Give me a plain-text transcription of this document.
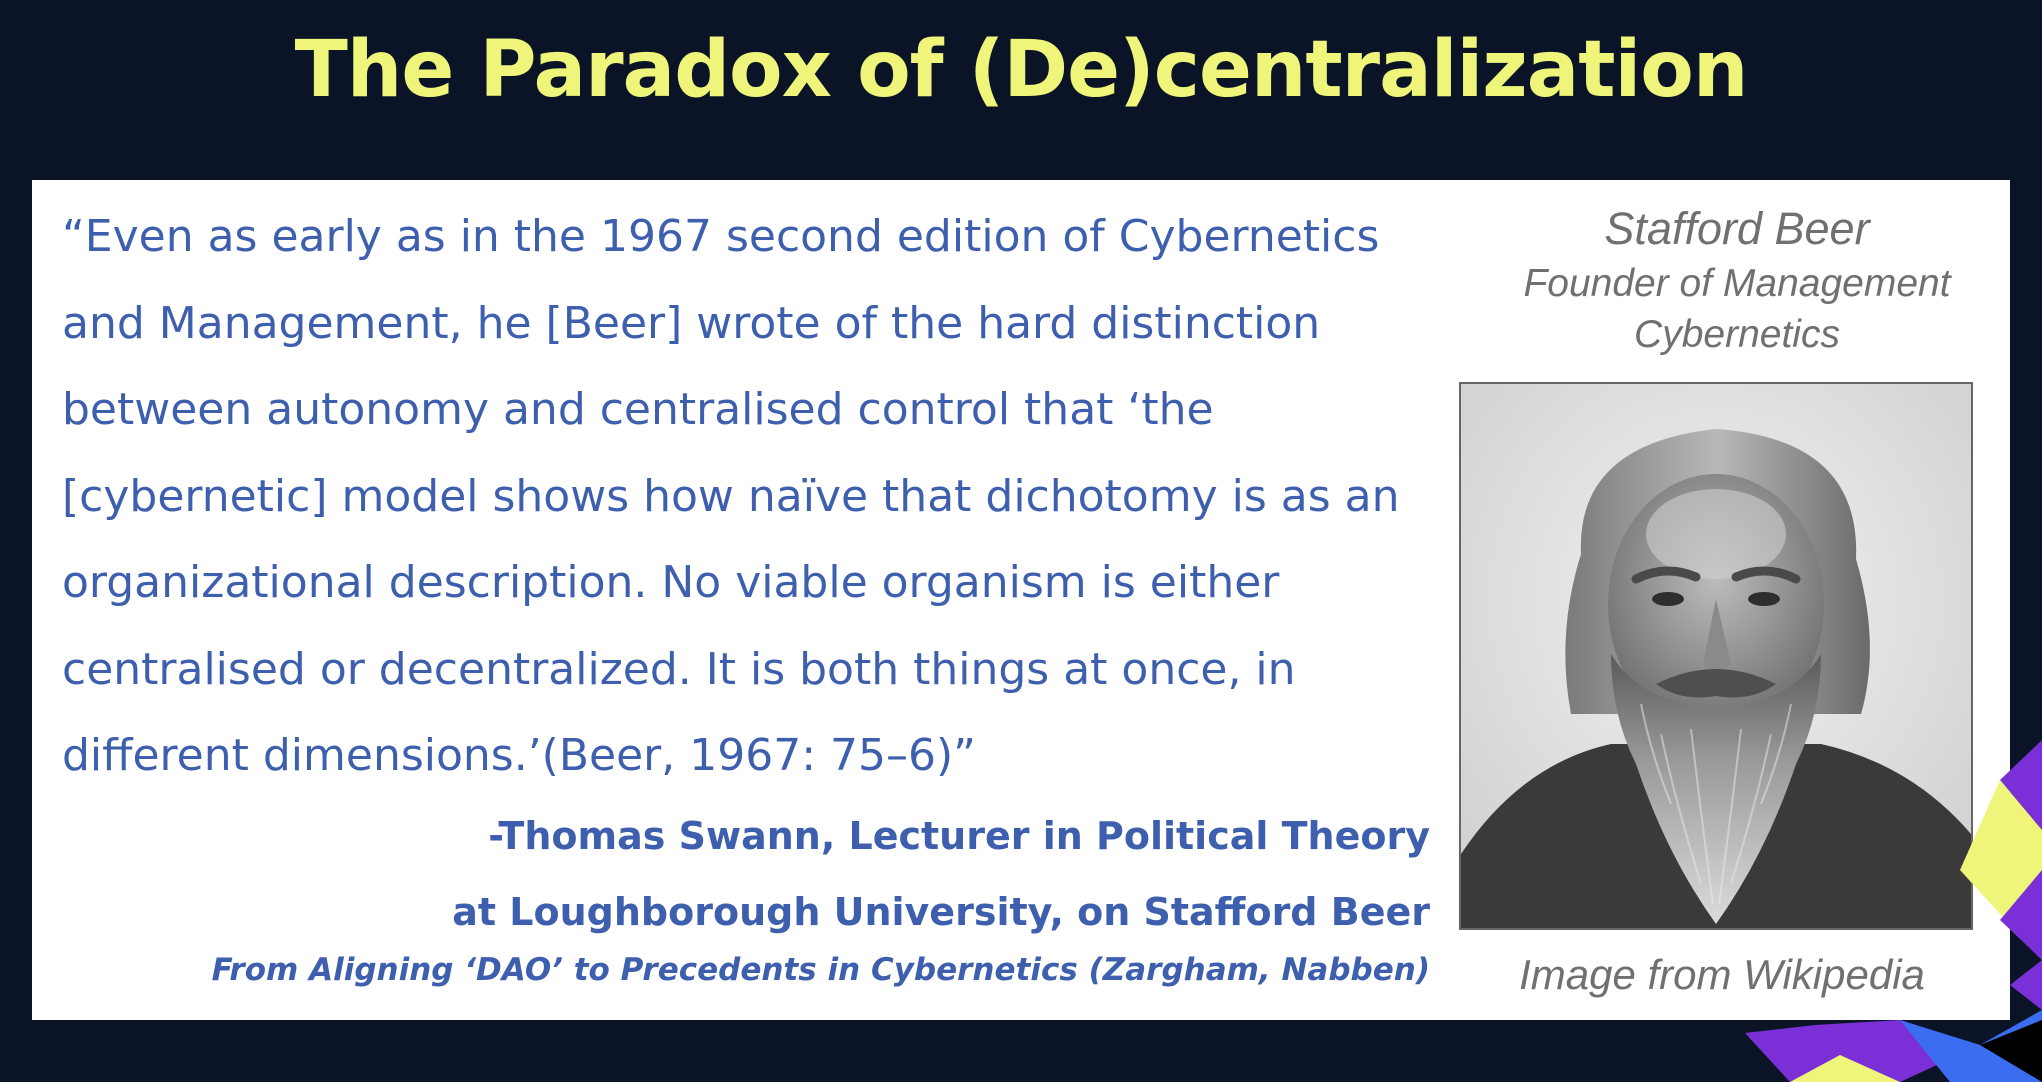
The Paradox of (De)centralization

“Even as early as in the 1967 second edition of Cybernetics and Management, he [Beer] wrote of the hard distinction between autonomy and centralised control that ‘the [cybernetic] model shows how naïve that dichotomy is as an organizational description. No viable organism is either centralised or decentralized. It is both things at once, in different dimensions.’(Beer, 1967: 75–6)”

-Thomas Swann, Lecturer in Political Theory
at Loughborough University, on Stafford Beer
From Aligning ‘DAO’ to Precedents in Cybernetics (Zargham, Nabben)
Stafford Beer
Founder of Management
Cybernetics
Image from Wikipedia
